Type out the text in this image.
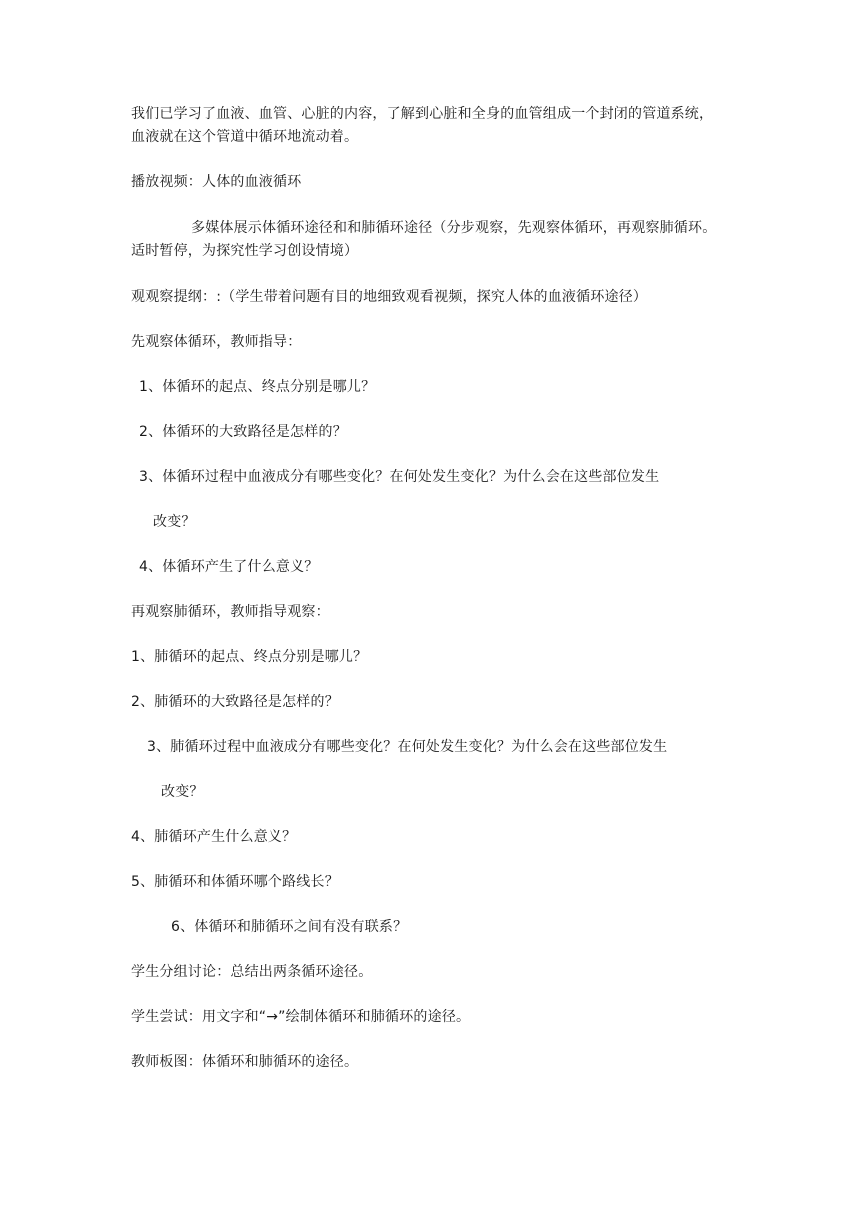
我们已学习了血液、血管、心脏的内容，了解到心脏和全身的血管组成一个封闭的管道系统，
血液就在这个管道中循环地流动着。
播放视频：人体的血液循环
多媒体展示体循环途径和和肺循环途径（分步观察，先观察体循环，再观察肺循环。
适时暂停，为探究性学习创设情境）
观观察提纲：:（学生带着问题有目的地细致观看视频，探究人体的血液循环途径）
先观察体循环，教师指导：
1、体循环的起点、终点分别是哪儿？
2、体循环的大致路径是怎样的？
3、体循环过程中血液成分有哪些变化？在何处发生变化？为什么会在这些部位发生
改变？
4、体循环产生了什么意义？
再观察肺循环，教师指导观察：
1、肺循环的起点、终点分别是哪儿？
2、肺循环的大致路径是怎样的？
3、肺循环过程中血液成分有哪些变化？在何处发生变化？为什么会在这些部位发生
改变？
4、肺循环产生什么意义？
5、肺循环和体循环哪个路线长？
6、体循环和肺循环之间有没有联系？
学生分组讨论：总结出两条循环途径。
学生尝试：用文字和“→”绘制体循环和肺循环的途径。
教师板图：体循环和肺循环的途径。
